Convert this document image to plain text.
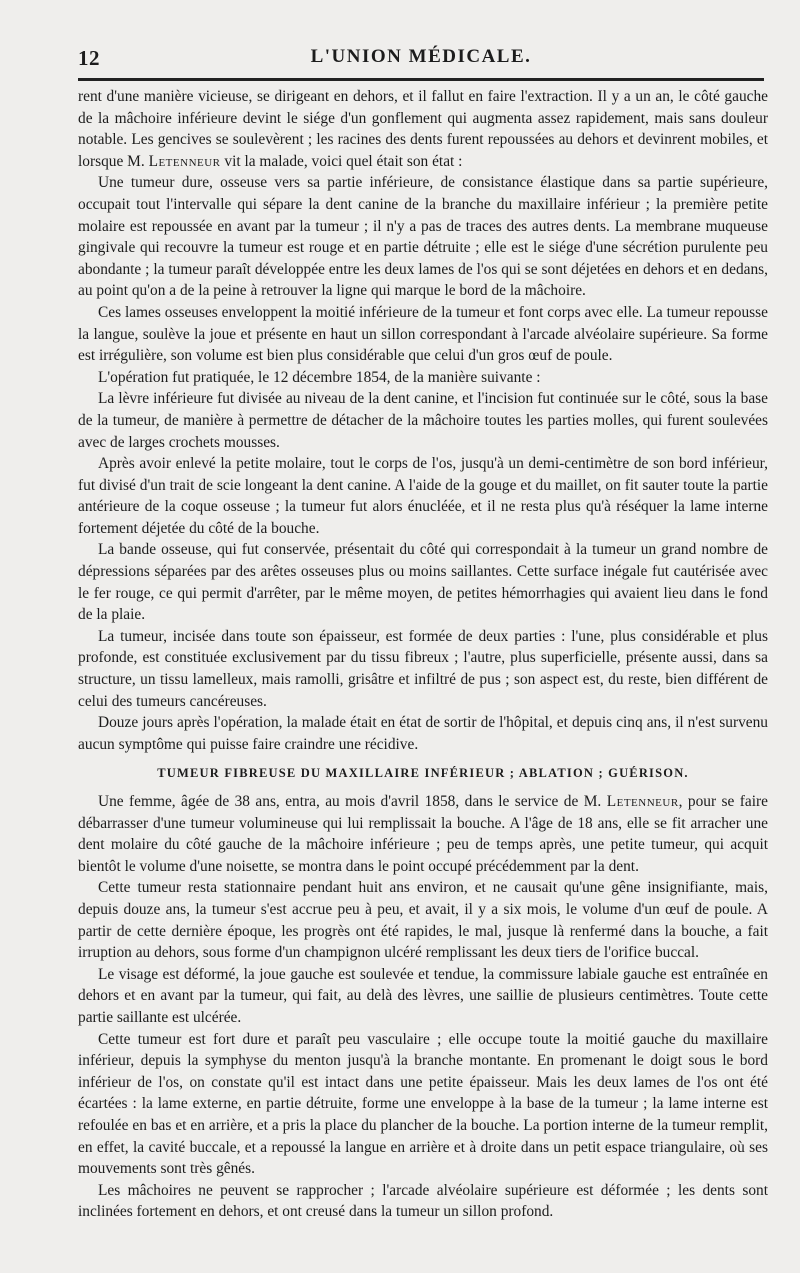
12	L'UNION MÉDICALE.

rent d'une manière vicieuse, se dirigeant en dehors, et il fallut en faire l'extraction. Il y a un an, le côté gauche de la mâchoire inférieure devint le siége d'un gonflement qui augmenta assez rapidement, mais sans douleur notable. Les gencives se soulevèrent ; les racines des dents furent repoussées au dehors et devinrent mobiles, et lorsque M. Letenneur vit la malade, voici quel était son état :

Une tumeur dure, osseuse vers sa partie inférieure, de consistance élastique dans sa partie supérieure, occupait tout l'intervalle qui sépare la dent canine de la branche du maxillaire inférieur ; la première petite molaire est repoussée en avant par la tumeur ; il n'y a pas de traces des autres dents. La membrane muqueuse gingivale qui recouvre la tumeur est rouge et en partie détruite ; elle est le siége d'une sécrétion purulente peu abondante ; la tumeur paraît développée entre les deux lames de l'os qui se sont déjetées en dehors et en dedans, au point qu'on a de la peine à retrouver la ligne qui marque le bord de la mâchoire.

Ces lames osseuses enveloppent la moitié inférieure de la tumeur et font corps avec elle. La tumeur repousse la langue, soulève la joue et présente en haut un sillon correspondant à l'arcade alvéolaire supérieure. Sa forme est irrégulière, son volume est bien plus considérable que celui d'un gros œuf de poule.

L'opération fut pratiquée, le 12 décembre 1854, de la manière suivante :

La lèvre inférieure fut divisée au niveau de la dent canine, et l'incision fut continuée sur le côté, sous la base de la tumeur, de manière à permettre de détacher de la mâchoire toutes les parties molles, qui furent soulevées avec de larges crochets mousses.

Après avoir enlevé la petite molaire, tout le corps de l'os, jusqu'à un demi-centimètre de son bord inférieur, fut divisé d'un trait de scie longeant la dent canine. A l'aide de la gouge et du maillet, on fit sauter toute la partie antérieure de la coque osseuse ; la tumeur fut alors énucléée, et il ne resta plus qu'à réséquer la lame interne fortement déjetée du côté de la bouche.

La bande osseuse, qui fut conservée, présentait du côté qui correspondait à la tumeur un grand nombre de dépressions séparées par des arêtes osseuses plus ou moins saillantes. Cette surface inégale fut cautérisée avec le fer rouge, ce qui permit d'arrêter, par le même moyen, de petites hémorrhagies qui avaient lieu dans le fond de la plaie.

La tumeur, incisée dans toute son épaisseur, est formée de deux parties : l'une, plus considérable et plus profonde, est constituée exclusivement par du tissu fibreux ; l'autre, plus superficielle, présente aussi, dans sa structure, un tissu lamelleux, mais ramolli, grisâtre et infiltré de pus ; son aspect est, du reste, bien différent de celui des tumeurs cancéreuses.

Douze jours après l'opération, la malade était en état de sortir de l'hôpital, et depuis cinq ans, il n'est survenu aucun symptôme qui puisse faire craindre une récidive.

TUMEUR FIBREUSE DU MAXILLAIRE INFÉRIEUR ; ABLATION ; GUÉRISON.

Une femme, âgée de 38 ans, entra, au mois d'avril 1858, dans le service de M. Letenneur, pour se faire débarrasser d'une tumeur volumineuse qui lui remplissait la bouche. A l'âge de 18 ans, elle se fit arracher une dent molaire du côté gauche de la mâchoire inférieure ; peu de temps après, une petite tumeur, qui acquit bientôt le volume d'une noisette, se montra dans le point occupé précédemment par la dent.

Cette tumeur resta stationnaire pendant huit ans environ, et ne causait qu'une gêne insignifiante, mais, depuis douze ans, la tumeur s'est accrue peu à peu, et avait, il y a six mois, le volume d'un œuf de poule. A partir de cette dernière époque, les progrès ont été rapides, le mal, jusque là renfermé dans la bouche, a fait irruption au dehors, sous forme d'un champignon ulcéré remplissant les deux tiers de l'orifice buccal.

Le visage est déformé, la joue gauche est soulevée et tendue, la commissure labiale gauche est entraînée en dehors et en avant par la tumeur, qui fait, au delà des lèvres, une saillie de plusieurs centimètres. Toute cette partie saillante est ulcérée.

Cette tumeur est fort dure et paraît peu vasculaire ; elle occupe toute la moitié gauche du maxillaire inférieur, depuis la symphyse du menton jusqu'à la branche montante. En promenant le doigt sous le bord inférieur de l'os, on constate qu'il est intact dans une petite épaisseur. Mais les deux lames de l'os ont été écartées : la lame externe, en partie détruite, forme une enveloppe à la base de la tumeur ; la lame interne est refoulée en bas et en arrière, et a pris la place du plancher de la bouche. La portion interne de la tumeur remplit, en effet, la cavité buccale, et a repoussé la langue en arrière et à droite dans un petit espace triangulaire, où ses mouvements sont très gênés.

Les mâchoires ne peuvent se rapprocher ; l'arcade alvéolaire supérieure est déformée ; les dents sont inclinées fortement en dehors, et ont creusé dans la tumeur un sillon profond.
